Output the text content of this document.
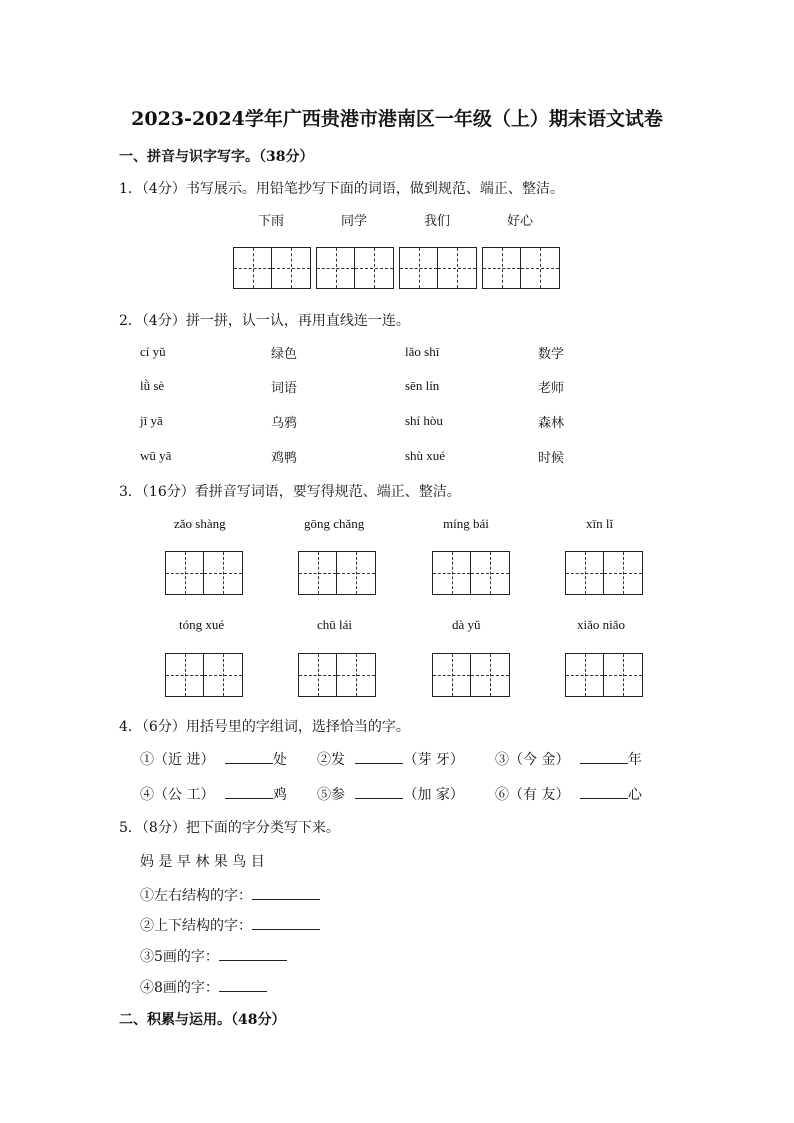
2023-2024学年广西贵港市港南区一年级（上）期末语文试卷
一、拼音与识字写字。（38分）
1．（4分）书写展示。用铅笔抄写下面的词语，做到规范、端正、整洁。
下雨	同学	我们	好心
2．（4分）拼一拼，认一认，再用直线连一连。
cí yǔ	绿色	lǎo shī	数学
lǜ sè	词语	sēn lín	老师
jī yā	乌鸦	shí hòu	森林
wū yā	鸡鸭	shù xué	时候
3．（16分）看拼音写词语，要写得规范、端正、整洁。
zǎo shàng	gōng chǎng	míng bái	xīn lǐ
tóng xué	chū lái	dà yǔ	xiǎo niǎo
4．（6分）用括号里的字组词，选择恰当的字。
①（近 进）	处 ②发	（芽 牙） ③（今 金）	年
④（公 工）	鸡 ⑤参	（加 家） ⑥（有 友）	心
5．（8分）把下面的字分类写下来。
妈 是 早 林 果 鸟 目
①左右结构的字：
②上下结构的字：
③5画的字：
④8画的字：
二、积累与运用。（48分）
